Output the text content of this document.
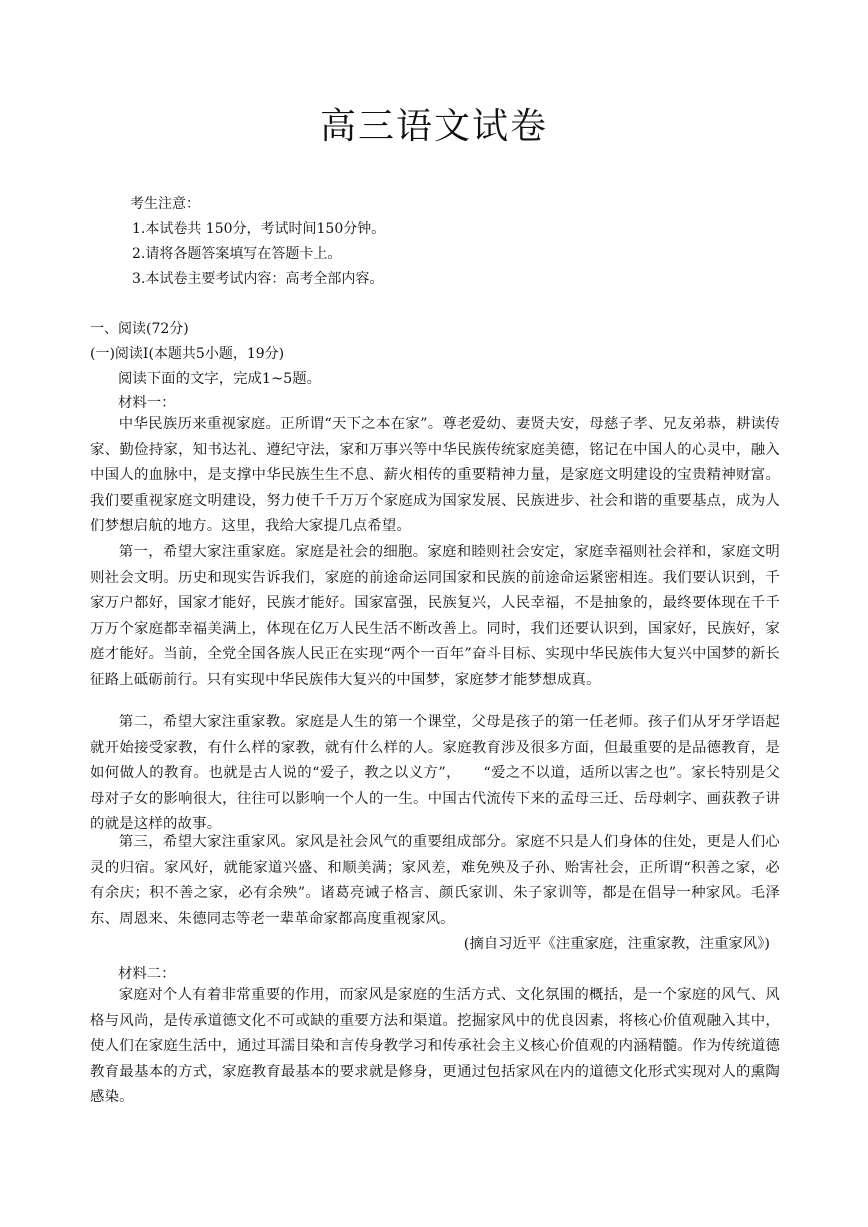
高三语文试卷
考生注意：
1.本试卷共 150分，考试时间150分钟。
2.请将各题答案填写在答题卡上。
3.本试卷主要考试内容：高考全部内容。
一、阅读(72分)
(一)阅读Ⅰ(本题共5小题，19分)
阅读下面的文字，完成1~5题。
材料一：
中华民族历来重视家庭。正所谓“天下之本在家”。尊老爱幼、妻贤夫安，母慈子孝、兄友弟恭，耕读传家、勤俭持家，知书达礼、遵纪守法，家和万事兴等中华民族传统家庭美德，铭记在中国人的心灵中，融入中国人的血脉中，是支撑中华民族生生不息、薪火相传的重要精神力量，是家庭文明建设的宝贵精神财富。我们要重视家庭文明建设，努力使千千万万个家庭成为国家发展、民族进步、社会和谐的重要基点，成为人们梦想启航的地方。这里，我给大家提几点希望。
第一，希望大家注重家庭。家庭是社会的细胞。家庭和睦则社会安定，家庭幸福则社会祥和，家庭文明则社会文明。历史和现实告诉我们，家庭的前途命运同国家和民族的前途命运紧密相连。我们要认识到，千家万户都好，国家才能好，民族才能好。国家富强，民族复兴，人民幸福，不是抽象的，最终要体现在千千万万个家庭都幸福美满上，体现在亿万人民生活不断改善上。同时，我们还要认识到，国家好，民族好，家庭才能好。当前，全党全国各族人民正在实现“两个一百年”奋斗目标、实现中华民族伟大复兴中国梦的新长征路上砥砺前行。只有实现中华民族伟大复兴的中国梦，家庭梦才能梦想成真。
第二，希望大家注重家教。家庭是人生的第一个课堂，父母是孩子的第一任老师。孩子们从牙牙学语起就开始接受家教，有什么样的家教，就有什么样的人。家庭教育涉及很多方面，但最重要的是品德教育，是如何做人的教育。也就是古人说的“爱子，教之以义方”，　　“爱之不以道，适所以害之也”。家长特别是父母对子女的影响很大，往往可以影响一个人的一生。中国古代流传下来的孟母三迁、岳母刺字、画荻教子讲的就是这样的故事。
第三，希望大家注重家风。家风是社会风气的重要组成部分。家庭不只是人们身体的住处，更是人们心灵的归宿。家风好，就能家道兴盛、和顺美满；家风差，难免殃及子孙、贻害社会，正所谓“积善之家，必有余庆；积不善之家，必有余殃”。诸葛亮诫子格言、颜氏家训、朱子家训等，都是在倡导一种家风。毛泽东、周恩来、朱德同志等老一辈革命家都高度重视家风。
(摘自习近平《注重家庭，注重家教，注重家风》)
材料二：
家庭对个人有着非常重要的作用，而家风是家庭的生活方式、文化氛围的概括，是一个家庭的风气、风格与风尚，是传承道德文化不可或缺的重要方法和渠道。挖掘家风中的优良因素，将核心价值观融入其中，使人们在家庭生活中，通过耳濡目染和言传身教学习和传承社会主义核心价值观的内涵精髓。作为传统道德教育最基本的方式，家庭教育最基本的要求就是修身，更通过包括家风在内的道德文化形式实现对人的熏陶感染。
